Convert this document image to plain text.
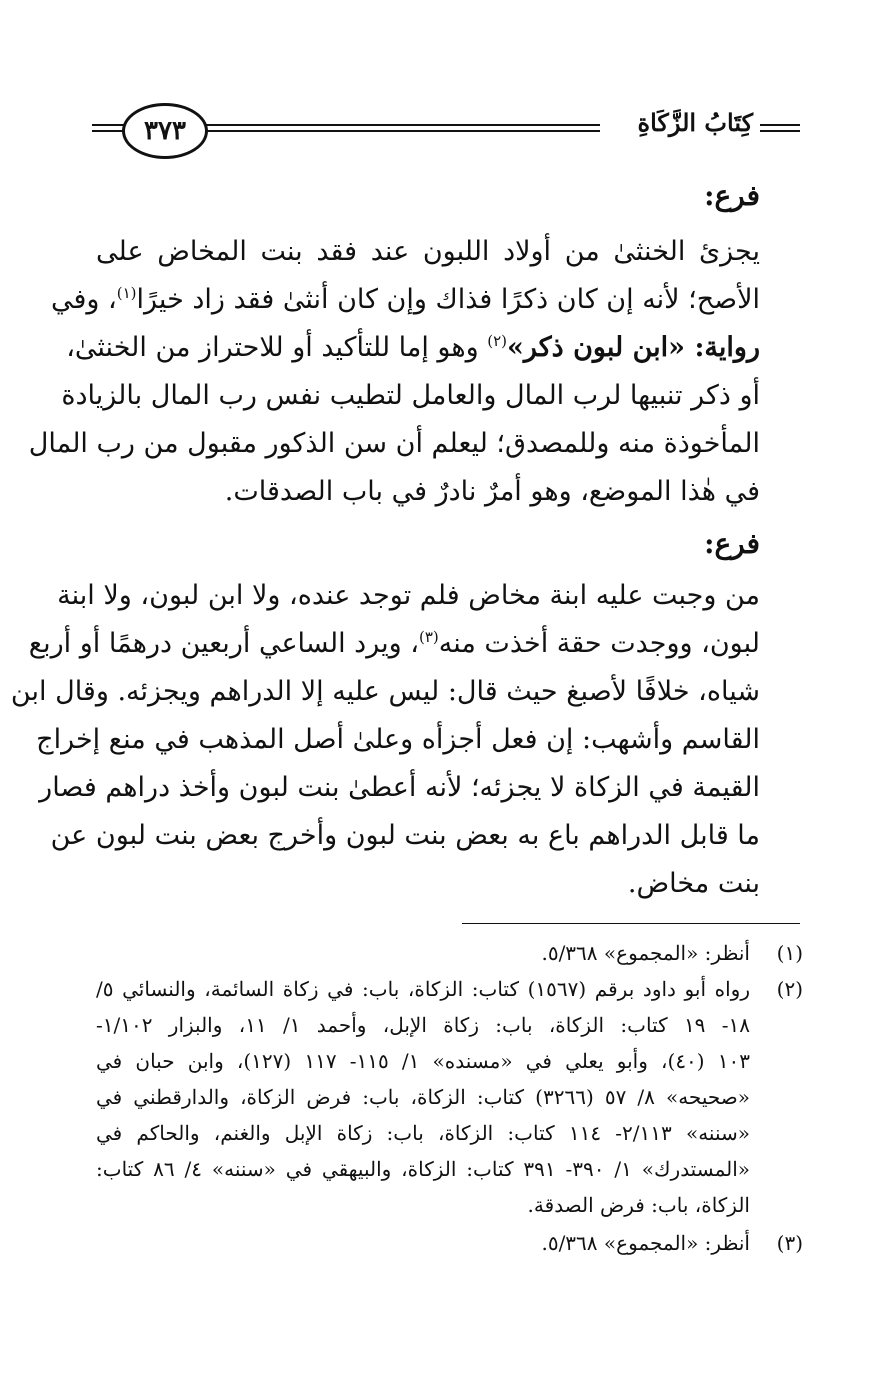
٣٧٣	كِتَابُ الزَّكَاةِ
فرع:
يجزئ الخنثىٰ من أولاد اللبون عند فقد بنت المخاض على
الأصح؛ لأنه إن كان ذكرًا فذاك وإن كان أنثىٰ فقد زاد خيرًا$^{(١)}$، وفي
رواية: «ابن لبون ذكر»$^{(٢)}$ وهو إما للتأكيد أو للاحتراز من الخنثىٰ،
أو ذكر تنبيها لرب المال والعامل لتطيب نفس رب المال بالزيادة
المأخوذة منه وللمصدق؛ ليعلم أن سن الذكور مقبول من رب المال
في هٰذا الموضع، وهو أمرٌ نادرٌ في باب الصدقات.
فرع:
من وجبت عليه ابنة مخاض فلم توجد عنده، ولا ابن لبون، ولا ابنة
لبون، ووجدت حقة أخذت منه$^{(٣)}$، ويرد الساعي أربعين درهمًا أو أربع
شياه، خلافًا لأصبغ حيث قال: ليس عليه إلا الدراهم ويجزئه. وقال ابن
القاسم وأشهب: إن فعل أجزأه وعلىٰ أصل المذهب في منع إخراج
القيمة في الزكاة لا يجزئه؛ لأنه أعطىٰ بنت لبون وأخذ دراهم فصار
ما قابل الدراهم باع به بعض بنت لبون وأخرج بعض بنت لبون عن
بنت مخاض.
(١)
أنظر: «المجموع» ٥/٣٦٨.
(٢)
رواه أبو داود برقم (١٥٦٧) كتاب: الزكاة، باب: في زكاة السائمة، والنسائي ٥/
١٨- ١٩ كتاب: الزكاة، باب: زكاة الإبل، وأحمد ١/ ١١، والبزار ١/١٠٢-
١٠٣ (٤٠)، وأبو يعلي في «مسنده» ١/ ١١٥- ١١٧ (١٢٧)، وابن حبان في
«صحيحه» ٨/ ٥٧ (٣٢٦٦) كتاب: الزكاة، باب: فرض الزكاة، والدارقطني في
«سننه» ٢/١١٣- ١١٤ كتاب: الزكاة، باب: زكاة الإبل والغنم، والحاكم في
«المستدرك» ١/ ٣٩٠- ٣٩١ كتاب: الزكاة، والبيهقي في «سننه» ٤/ ٨٦ كتاب:
الزكاة، باب: فرض الصدقة.
(٣)
أنظر: «المجموع» ٥/٣٦٨.
